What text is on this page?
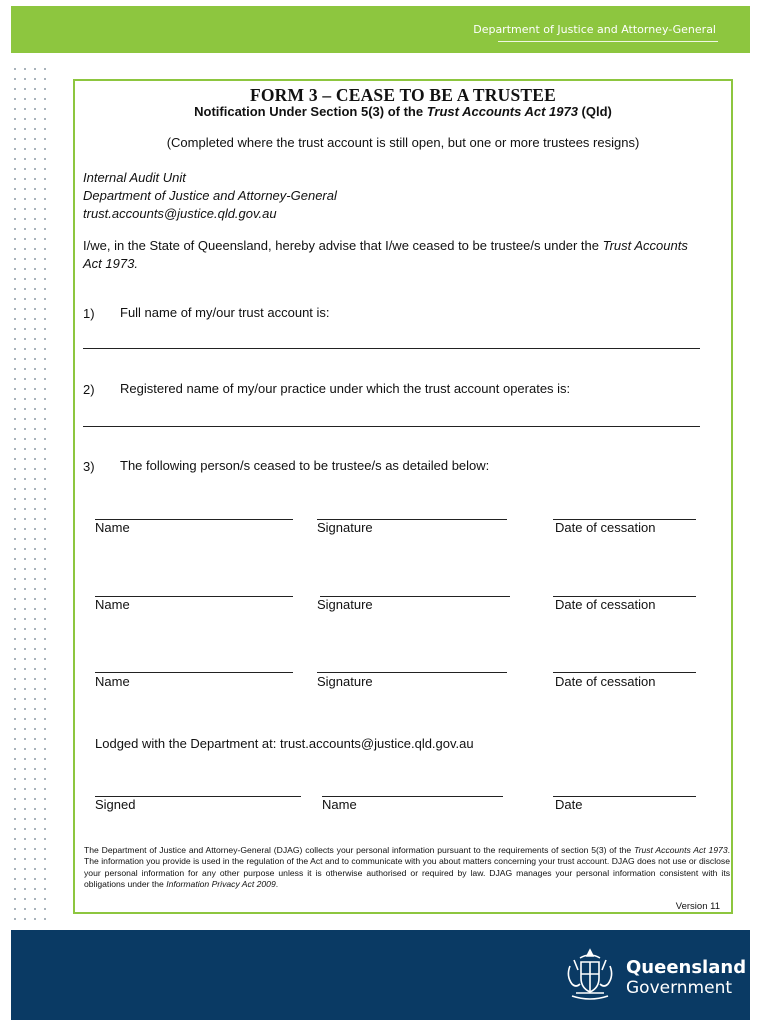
Department of Justice and Attorney-General
FORM 3 – CEASE TO BE A TRUSTEE
Notification Under Section 5(3) of the Trust Accounts Act 1973 (Qld)
(Completed where the trust account is still open, but one or more trustees resigns)
Internal Audit Unit
Department of Justice and Attorney-General
trust.accounts@justice.qld.gov.au
I/we, in the State of Queensland, hereby advise that I/we ceased to be trustee/s under the Trust Accounts Act 1973.
1) Full name of my/our trust account is:
2) Registered name of my/our practice under which the trust account operates is:
3) The following person/s ceased to be trustee/s as detailed below:
Name	Signature	Date of cessation
Name	Signature	Date of cessation
Name	Signature	Date of cessation
Lodged with the Department at: trust.accounts@justice.qld.gov.au
Signed	Name	Date
The Department of Justice and Attorney-General (DJAG) collects your personal information pursuant to the requirements of section 5(3) of the Trust Accounts Act 1973. The information you provide is used in the regulation of the Act and to communicate with you about matters concerning your trust account. DJAG does not use or disclose your personal information for any other purpose unless it is otherwise authorised or required by law. DJAG manages your personal information consistent with its obligations under the Information Privacy Act 2009.
Version 11
Queensland
Government
